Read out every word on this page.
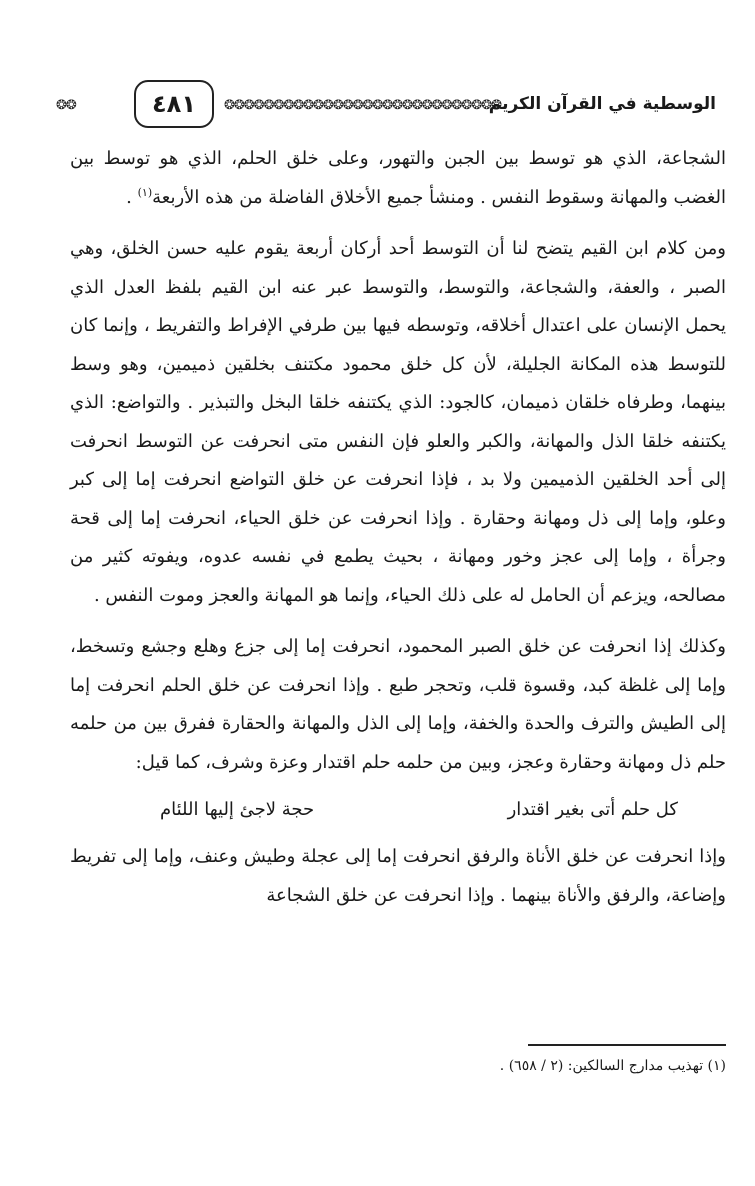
❂❂	٤٨١	❂❂❂❂❂❂❂❂❂❂❂❂❂❂❂❂❂❂❂❂❂❂❂❂❂❂❂❂
الوسطية في القرآن الكريم

الشجاعة، الذي هو توسط بين الجبن والتهور، وعلى خلق الحلم، الذي هو توسط بين الغضب والمهانة وسقوط النفس . ومنشأ جميع الأخلاق الفاضلة من هذه الأربعة$^{(١)}$ .

ومن كلام ابن القيم يتضح لنا أن التوسط أحد أركان أربعة يقوم عليه حسن الخلق، وهي الصبر ، والعفة، والشجاعة، والتوسط، والتوسط عبر عنه ابن القيم بلفظ العدل الذي يحمل الإنسان على اعتدال أخلاقه، وتوسطه فيها بين طرفي الإفراط والتفريط ، وإنما كان للتوسط هذه المكانة الجليلة، لأن كل خلق محمود مكتنف بخلقين ذميمين، وهو وسط بينهما، وطرفاه خلقان ذميمان، كالجود: الذي يكتنفه خلقا البخل والتبذير . والتواضع: الذي يكتنفه خلقا الذل والمهانة، والكبر والعلو فإن النفس متى انحرفت عن التوسط انحرفت إلى أحد الخلقين الذميمين ولا بد ، فإذا انحرفت عن خلق التواضع انحرفت إما إلى كبر وعلو، وإما إلى ذل ومهانة وحقارة . وإذا انحرفت عن خلق الحياء، انحرفت إما إلى قحة وجرأة ، وإما إلى عجز وخور ومهانة ، بحيث يطمع في نفسه عدوه، ويفوته كثير من مصالحه، ويزعم أن الحامل له على ذلك الحياء، وإنما هو المهانة والعجز وموت النفس .

وكذلك إذا انحرفت عن خلق الصبر المحمود، انحرفت إما إلى جزع وهلع وجشع وتسخط، وإما إلى غلظة كبد، وقسوة قلب، وتحجر طبع . وإذا انحرفت عن خلق الحلم انحرفت إما إلى الطيش والترف والحدة والخفة، وإما إلى الذل والمهانة والحقارة ففرق بين من حلمه حلم ذل ومهانة وحقارة وعجز، وبين من حلمه حلم اقتدار وعزة وشرف، كما قيل:

كل حلم أتى بغير اقتدار
حجة لاجئ إليها اللئام

وإذا انحرفت عن خلق الأناة والرفق انحرفت إما إلى عجلة وطيش وعنف، وإما إلى تفريط وإضاعة، والرفق والأناة بينهما . وإذا انحرفت عن خلق الشجاعة

(١) تهذيب مدارج السالكين: (٢ / ٦٥٨) .
